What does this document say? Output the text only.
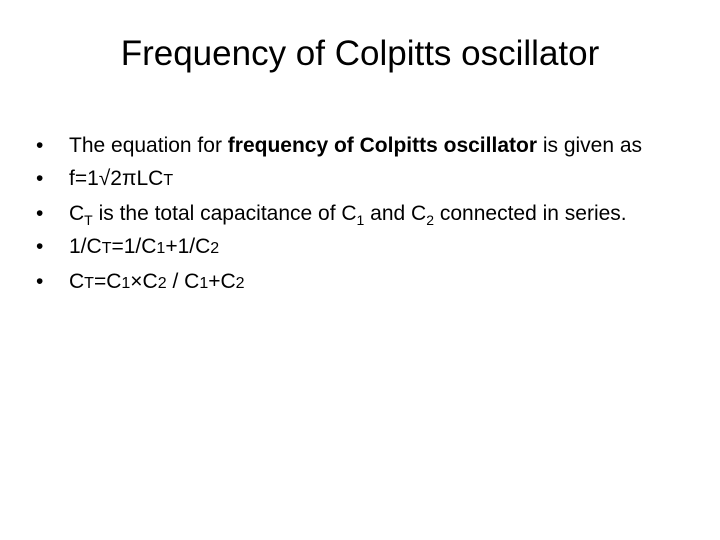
Frequency of Colpitts oscillator
•	The equation for frequency of Colpitts oscillator is given as
•	f=1√2πLCT
•	$C_T$ is the total capacitance of $C_1$ and $C_2$ connected in series.
•	1/CT=1/C1+1/C2
•	CT=C1×C2 / C1+C2
